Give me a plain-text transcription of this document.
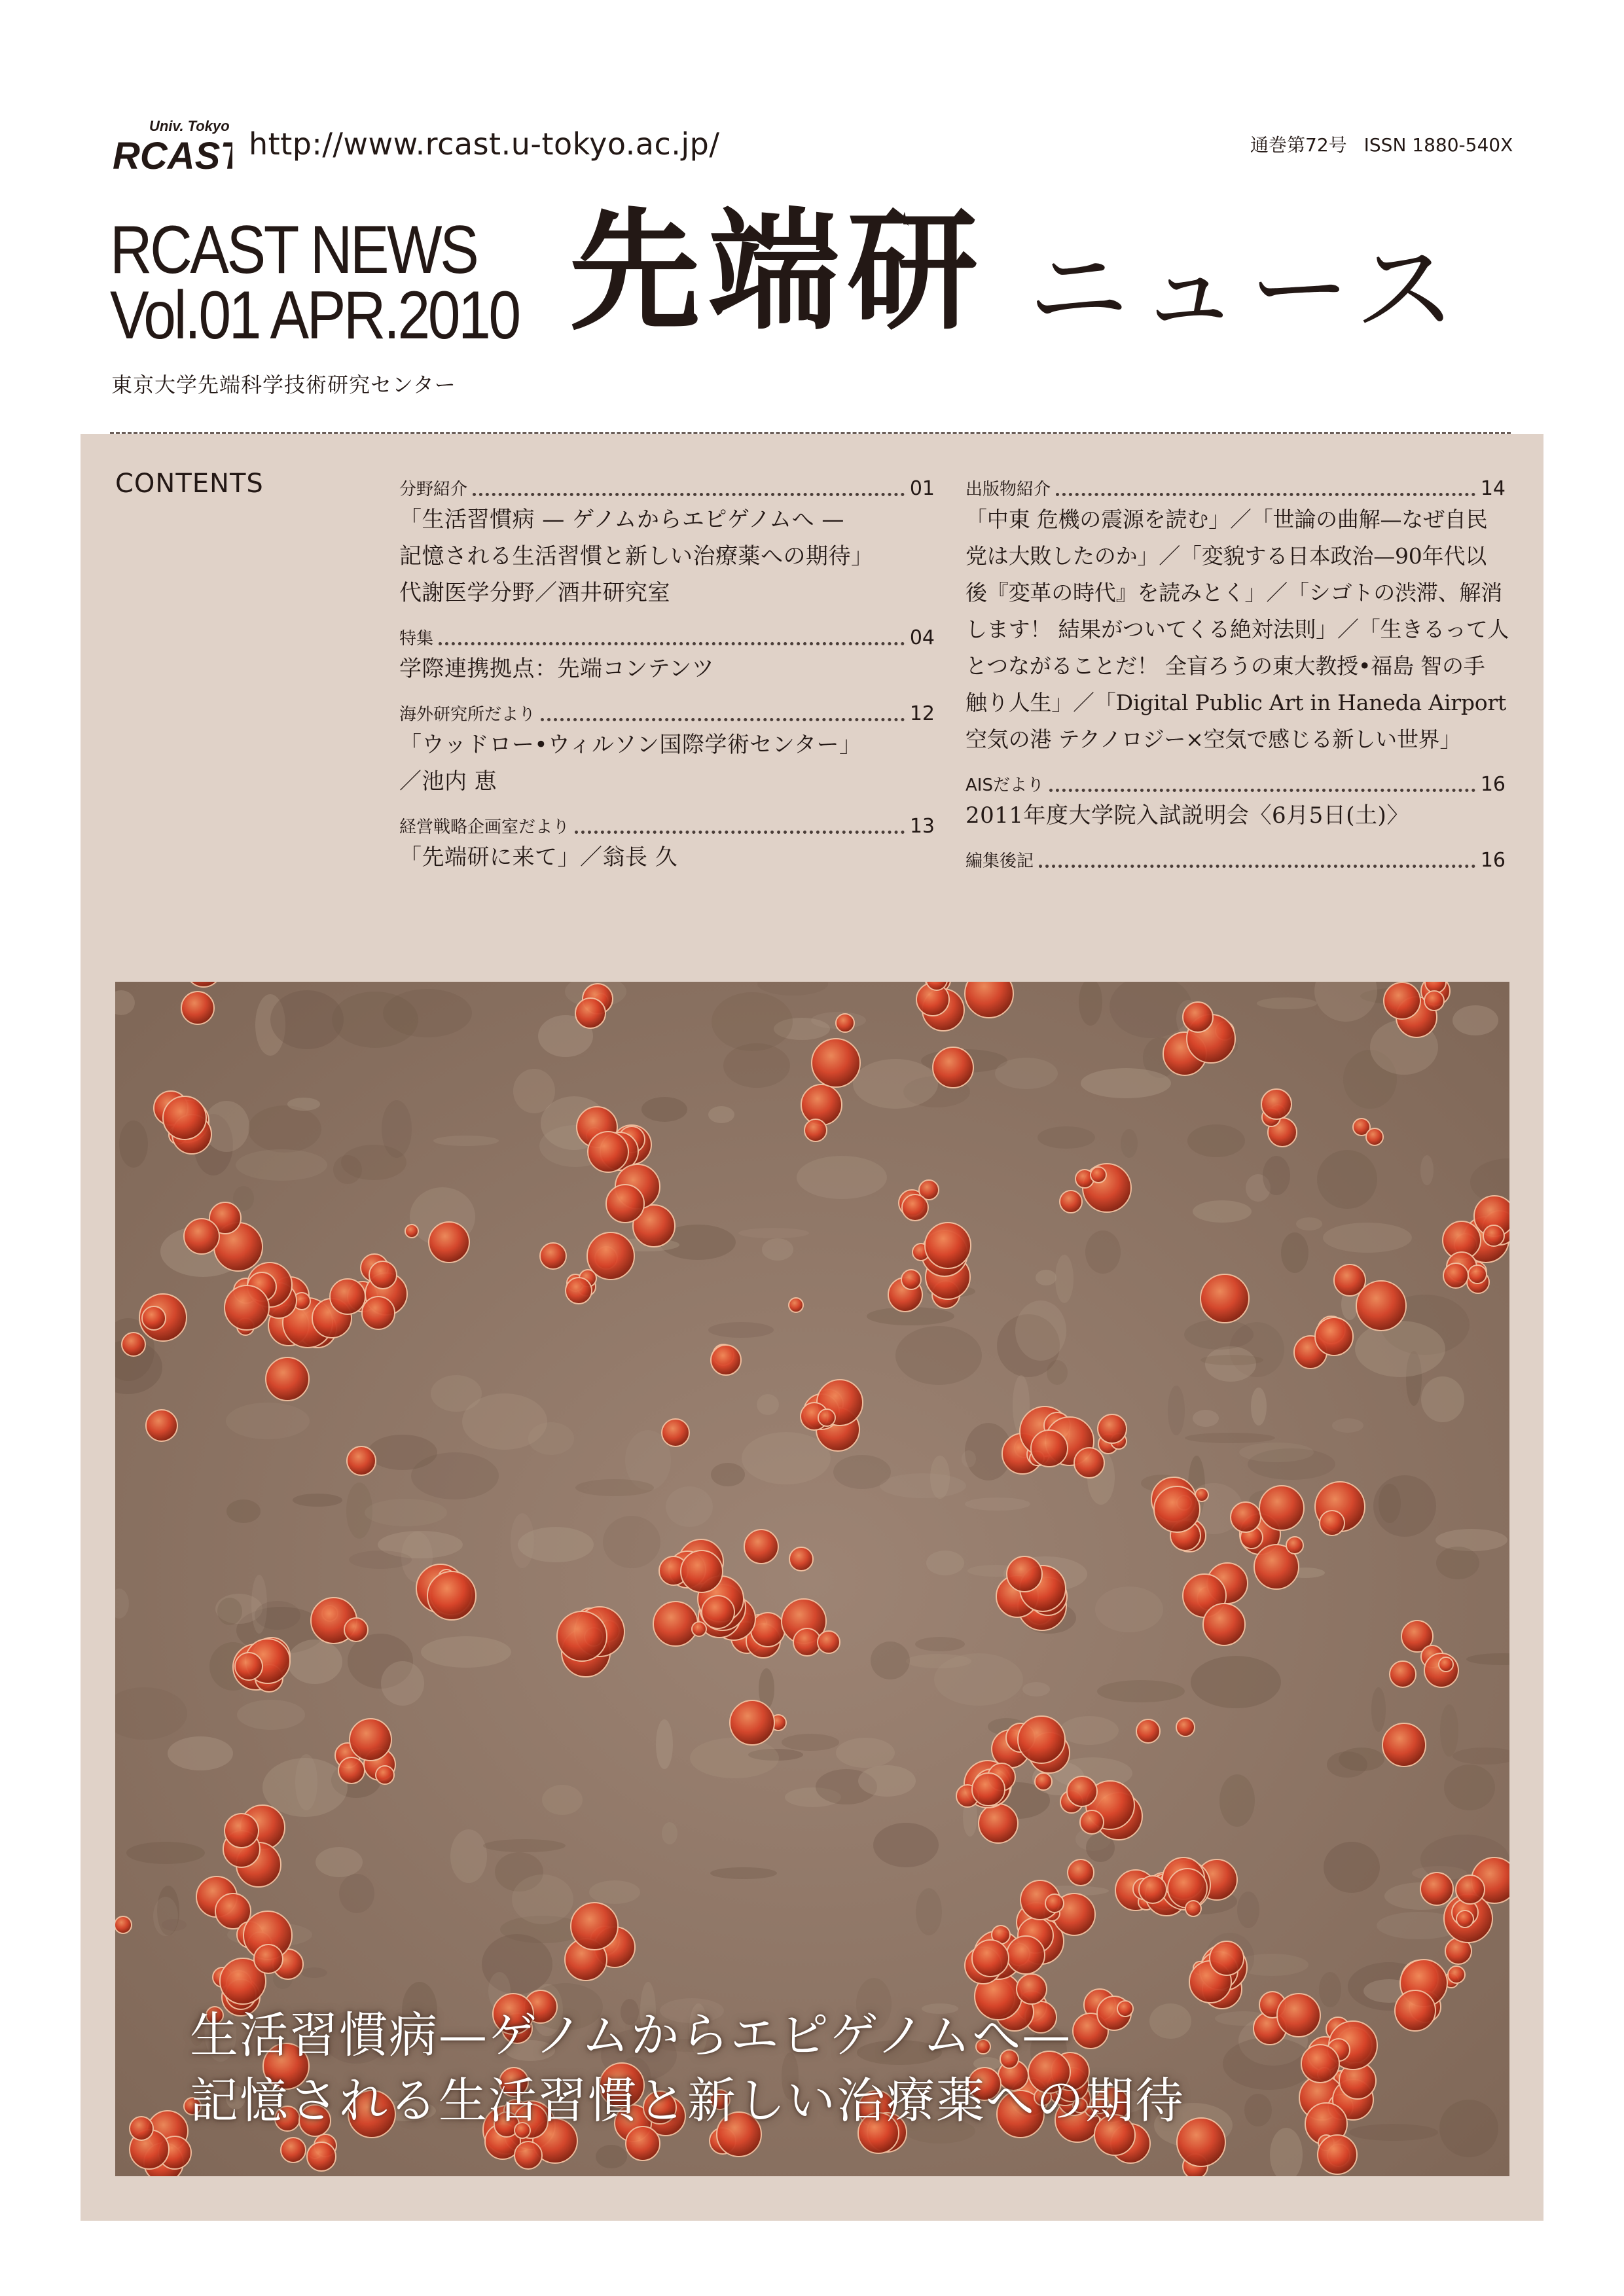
Univ. Tokyo
RCAST http://www.rcast.u-tokyo.ac.jp/	通巻第72号 ISSN 1880-540X
RCAST NEWS
Vol.01 APR.2010 先端研 ニュース
東京大学先端科学技術研究センター
CONTENTS	分野紹介	01
「生活習慣病 — ゲノムからエピゲノムへ —
記憶される生活習慣と新しい治療薬への期待」
代謝医学分野／酒井研究室
特集	04
学際連携拠点：先端コンテンツ
海外研究所だより	12
「ウッドロー•ウィルソン国際学術センター」
／池内 恵
経営戦略企画室だより	13
「先端研に来て」／翁長 久
出版物紹介	14
「中東 危機の震源を読む」／「世論の曲解—なぜ自民
党は大敗したのか」／「変貌する日本政治—90年代以
後『変革の時代』を読みとく」／「シゴトの渋滞、解消
します！ 結果がついてくる絶対法則」／「生きるって人
とつながることだ！ 全盲ろうの東大教授•福島 智の手
触り人生」／「Digital Public Art in Haneda Airport
空気の港 テクノロジー×空気で感じる新しい世界」
AISだより	16
2011年度大学院入試説明会〈6月5日(土)〉
編集後記	16
生活習慣病—ゲノムからエピゲノムへ—
記憶される生活習慣と新しい治療薬への期待
